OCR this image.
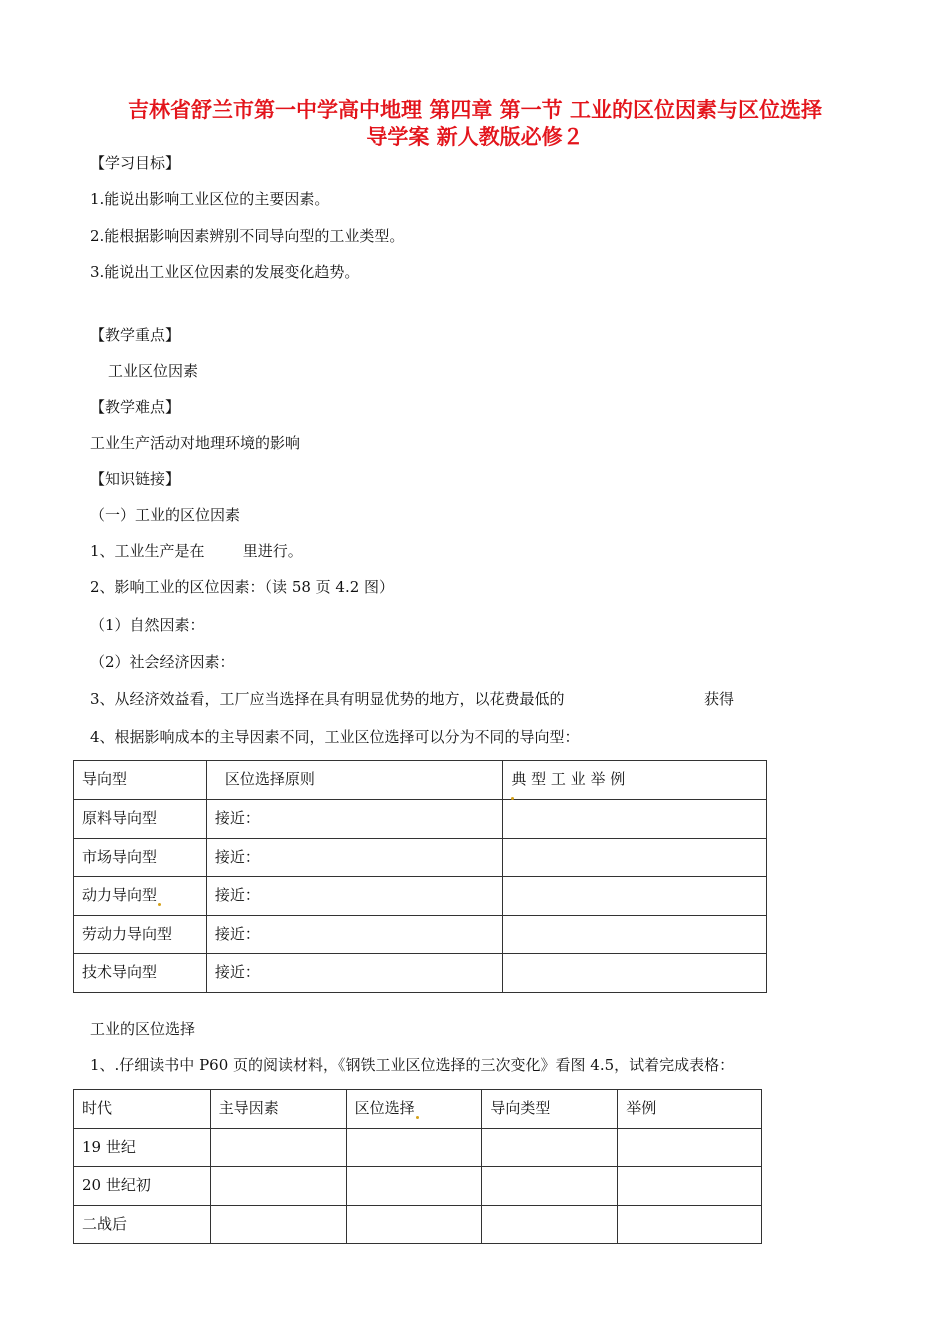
吉林省舒兰市第一中学高中地理 第四章 第一节 工业的区位因素与区位选择
导学案 新人教版必修２
【学习目标】
1.能说出影响工业区位的主要因素。
2.能根据影响因素辨别不同导向型的工业类型。
3.能说出工业区位因素的发展变化趋势。
【教学重点】
工业区位因素
【教学难点】
工业生产活动对地理环境的影响
【知识链接】
（一）工业的区位因素
1、工业生产是在        里进行。
2、影响工业的区位因素：（读 58 页 4.2 图）
（1）自然因素：
（2）社会经济因素：
3、从经济效益看，工厂应当选择在具有明显优势的地方，以花费最低的	获得
4、根据影响成本的主导因素不同，工业区位选择可以分为不同的导向型：
导向型	区位选择原则	典 型 工 业 举 例

原料导向型	接近：	
市场导向型	接近：	
动力导向型	接近：	
劳动力导向型	接近：	
技术导向型	接近：	
工业的区位选择
1、.仔细读书中 P60 页的阅读材料，《钢铁工业区位选择的三次变化》看图 4.5，试着完成表格：
时代	主导因素	区位选择	导向类型	举例
19 世纪				
20 世纪初				
二战后				
